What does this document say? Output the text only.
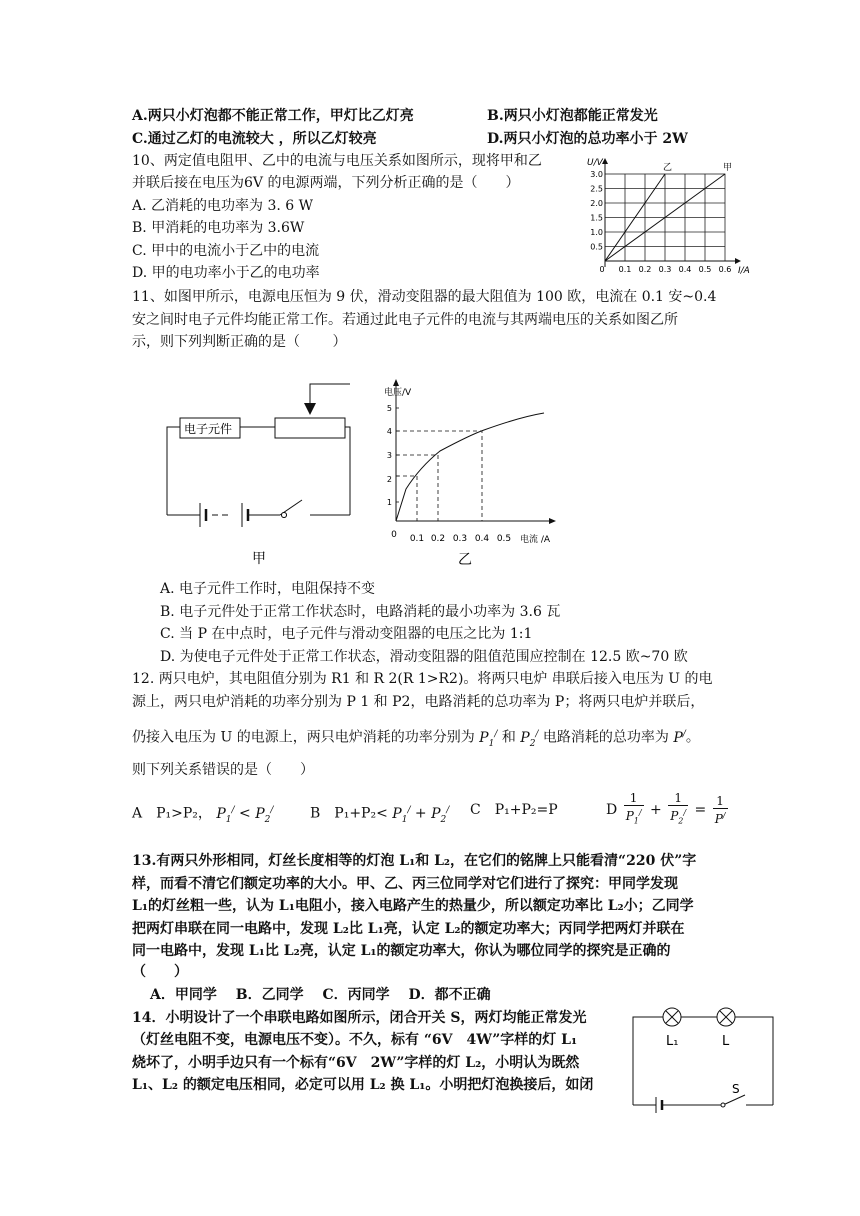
A.两只小灯泡都不能正常工作，甲灯比乙灯亮	B.两只小灯泡都能正常发光
C.通过乙灯的电流较大 ，所以乙灯较亮	D.两只小灯泡的总功率小于 2W
10、两定值电阻甲、乙中的电流与电压关系如图所示，现将甲和乙
并联后接在电压为6V 的电源两端，下列分析正确的是（　　）
A. 乙消耗的电功率为 3. 6 W
B. 甲消耗的电功率为 3.6W
C. 甲中的电流小于乙中的电流
D. 甲的电功率小于乙的电功率
乙	甲
U/V
I/A
3.0
2.5
2.0
1.5
1.0
0.5
0 0.1 0.2 0.3 0.4 0.5 0.6
11、如图甲所示，电源电压恒为 9 伏，滑动变阻器的最大阻值为 100 欧，电流在 0.1 安~0.4
安之间时电子元件均能正常工作。若通过此电子元件的电流与其两端电压的关系如图乙所
示，则下列判断正确的是（　　 ）
电子元件
甲
5
4
3
2
1
电压/V
0 0.1 0.2 0.3 0.4 0.5 电流 /A
乙
A. 电子元件工作时，电阻保持不变
B. 电子元件处于正常工作状态时，电路消耗的最小功率为 3.6 瓦
C. 当 P 在中点时，电子元件与滑动变阻器的电压之比为 1:1
D. 为使电子元件处于正常工作状态，滑动变阻器的阻值范围应控制在 12.5 欧~70 欧
12. 两只电炉，其电阻值分别为 R1 和 R 2(R 1>R2)。将两只电炉 串联后接入电压为 U 的电
源上，两只电炉消耗的功率分别为 P 1 和 P2，电路消耗的总功率为 P；将两只电炉并联后，
仍接入电压为 U 的电源上，两只电炉消耗的功率分别为 $P_1^/$ 和 $P_2^/$ 电路消耗的总功率为 P/。
则下列关系错误的是（　　）
A　P₁>P₂， $P_1^/ < P_2^/$	B　$P_1+P_2< P_1^/ + P_2^/$ C　P₁+P₂=P	D $\frac{1}{P_1^/} + \frac{1}{P_2^/} = \frac{1}{P^/}$
13.有两只外形相同，灯丝长度相等的灯泡 L₁和 L₂，在它们的铭牌上只能看清“220 伏”字
样，而看不清它们额定功率的大小。甲、乙、丙三位同学对它们进行了探究：甲同学发现
L₁的灯丝粗一些，认为 L₁电阻小，接入电路产生的热量少，所以额定功率比 L₂小；乙同学
把两灯串联在同一电路中，发现 L₂比 L₁亮，认定 L₂的额定功率大；丙同学把两灯并联在
同一电路中，发现 L₁比 L₂亮，认定 L₁的额定功率大，你认为哪位同学的探究是正确的
（　　）
A．甲同学　 B．乙同学　 C．丙同学　 D．都不正确
14．小明设计了一个串联电路如图所示，闭合开关 S，两灯均能正常发光
（灯丝电阻不变，电源电压不变）。不久，标有 “6V　4W”字样的灯 L₁
烧坏了，小明手边只有一个标有“6V　2W”字样的灯 L₂，小明认为既然
L₁、L₂ 的额定电压相同，必定可以用 L₂ 换 L₁。小明把灯泡换接后，如闭
L₁	L
S
